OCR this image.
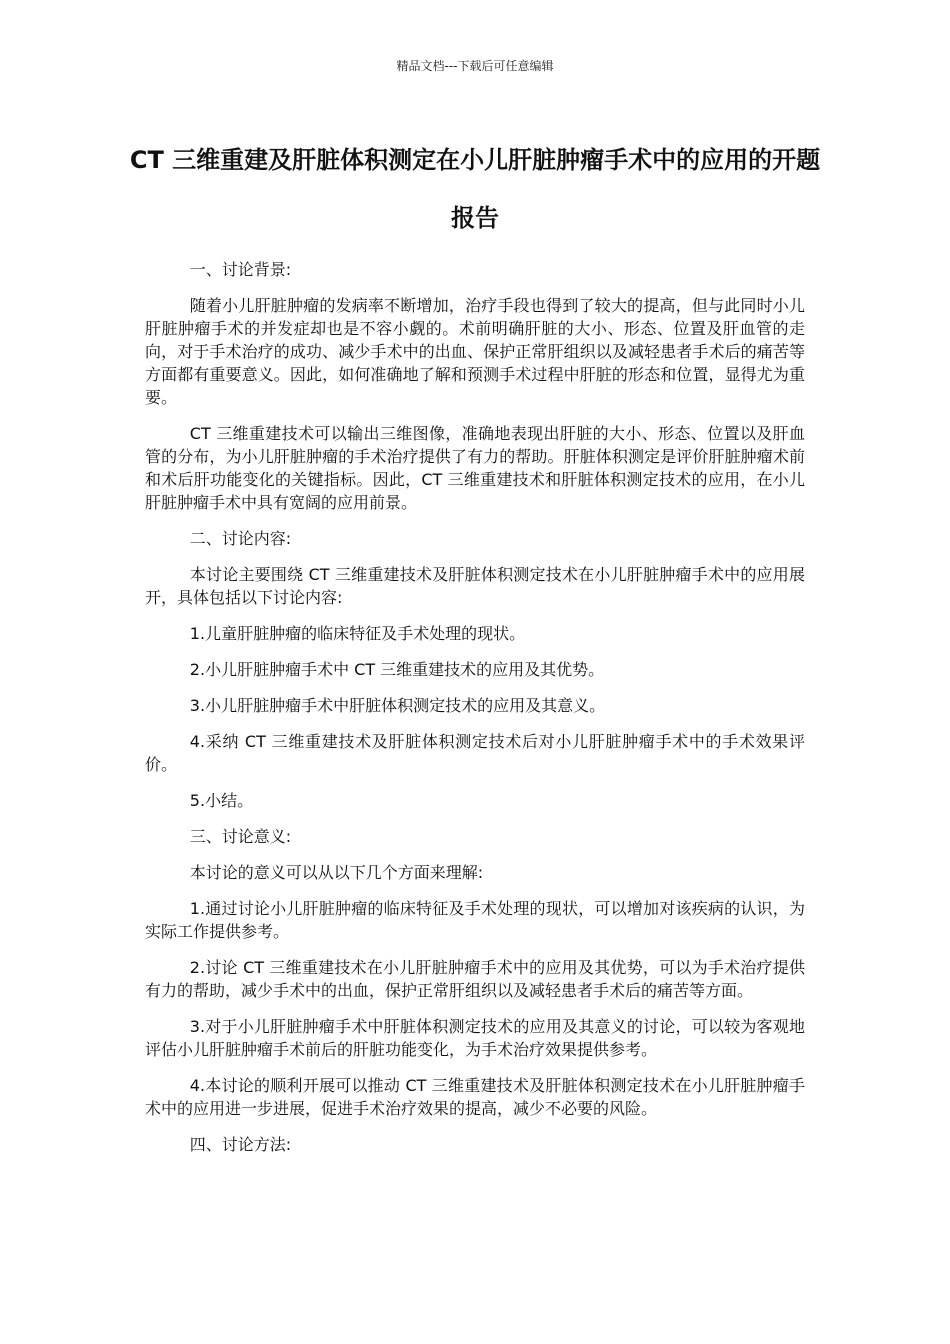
精品文档---下载后可任意编辑
CT 三维重建及肝脏体积测定在小儿肝脏肿瘤手术中的应用的开题报告
一、讨论背景:
随着小儿肝脏肿瘤的发病率不断增加，治疗手段也得到了较大的提高，但与此同时小儿肝脏肿瘤手术的并发症却也是不容小觑的。术前明确肝脏的大小、形态、位置及肝血管的走向，对于手术治疗的成功、减少手术中的出血、保护正常肝组织以及减轻患者手术后的痛苦等方面都有重要意义。因此，如何准确地了解和预测手术过程中肝脏的形态和位置，显得尤为重要。
CT 三维重建技术可以输出三维图像，准确地表现出肝脏的大小、形态、位置以及肝血管的分布，为小儿肝脏肿瘤的手术治疗提供了有力的帮助。肝脏体积测定是评价肝脏肿瘤术前和术后肝功能变化的关键指标。因此，CT 三维重建技术和肝脏体积测定技术的应用，在小儿肝脏肿瘤手术中具有宽阔的应用前景。
二、讨论内容:
本讨论主要围绕 CT 三维重建技术及肝脏体积测定技术在小儿肝脏肿瘤手术中的应用展开，具体包括以下讨论内容:
1.儿童肝脏肿瘤的临床特征及手术处理的现状。
2.小儿肝脏肿瘤手术中 CT 三维重建技术的应用及其优势。
3.小儿肝脏肿瘤手术中肝脏体积测定技术的应用及其意义。
4.采纳 CT 三维重建技术及肝脏体积测定技术后对小儿肝脏肿瘤手术中的手术效果评价。
5.小结。
三、讨论意义:
本讨论的意义可以从以下几个方面来理解:
1.通过讨论小儿肝脏肿瘤的临床特征及手术处理的现状，可以增加对该疾病的认识，为实际工作提供参考。
2.讨论 CT 三维重建技术在小儿肝脏肿瘤手术中的应用及其优势，可以为手术治疗提供有力的帮助，减少手术中的出血，保护正常肝组织以及减轻患者手术后的痛苦等方面。
3.对于小儿肝脏肿瘤手术中肝脏体积测定技术的应用及其意义的讨论，可以较为客观地评估小儿肝脏肿瘤手术前后的肝脏功能变化，为手术治疗效果提供参考。
4.本讨论的顺利开展可以推动 CT 三维重建技术及肝脏体积测定技术在小儿肝脏肿瘤手术中的应用进一步进展，促进手术治疗效果的提高，减少不必要的风险。
四、讨论方法:
